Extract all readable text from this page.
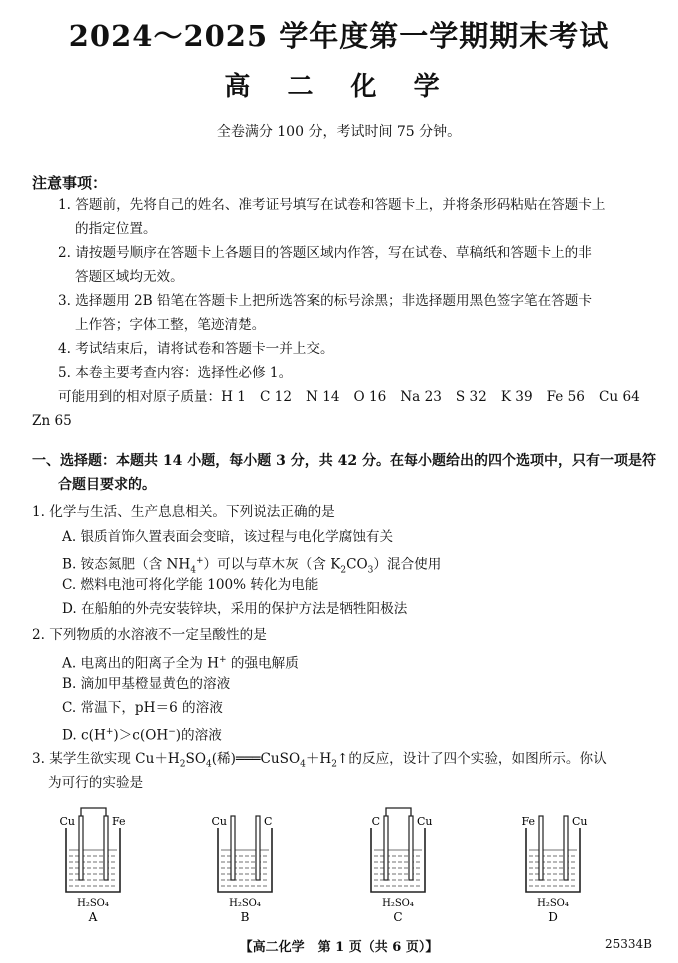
2024～2025 学年度第一学期期末考试
高 二 化 学
全卷满分 100 分，考试时间 75 分钟。
注意事项：
1. 答题前，先将自己的姓名、准考证号填写在试卷和答题卡上，并将条形码粘贴在答题卡上
的指定位置。
2. 请按题号顺序在答题卡上各题目的答题区域内作答，写在试卷、草稿纸和答题卡上的非
答题区域均无效。
3. 选择题用 2B 铅笔在答题卡上把所选答案的标号涂黑；非选择题用黑色签字笔在答题卡
上作答；字体工整，笔迹清楚。
4. 考试结束后，请将试卷和答题卡一并上交。
5. 本卷主要考查内容：选择性必修 1。
可能用到的相对原子质量：H 1 C 12 N 14 O 16 Na 23 S 32 K 39 Fe 56 Cu 64
Zn 65
一、选择题：本题共 14 小题，每小题 3 分，共 42 分。在每小题给出的四个选项中，只有一项是符
合题目要求的。
1. 化学与生活、生产息息相关。下列说法正确的是
A. 银质首饰久置表面会变暗，该过程与电化学腐蚀有关
B. 铵态氮肥（含 $NH_4^+$）可以与草木灰（含 $K_2CO_3$）混合使用
C. 燃料电池可将化学能 100% 转化为电能
D. 在船舶的外壳安装锌块，采用的保护方法是牺牲阳极法
2. 下列物质的水溶液不一定呈酸性的是
A. 电离出的阳离子全为 H+ 的强电解质
B. 滴加甲基橙显黄色的溶液
C. 常温下，pH＝6 的溶液
D. c(H+)＞c(OH−)的溶液
3. 某学生欲实现 $Cu+H_2SO_4$(稀)$═══CuSO_4+H_2↑$的反应，设计了四个实验，如图所示。你认
为可行的实验是
Cu	Fe
H₂SO₄
A
Cu	C
H₂SO₄
B
C	Cu
H₂SO₄
C
Fe	Cu
H₂SO₄
D
【高二化学　第 1 页（共 6 页）】	25334B
